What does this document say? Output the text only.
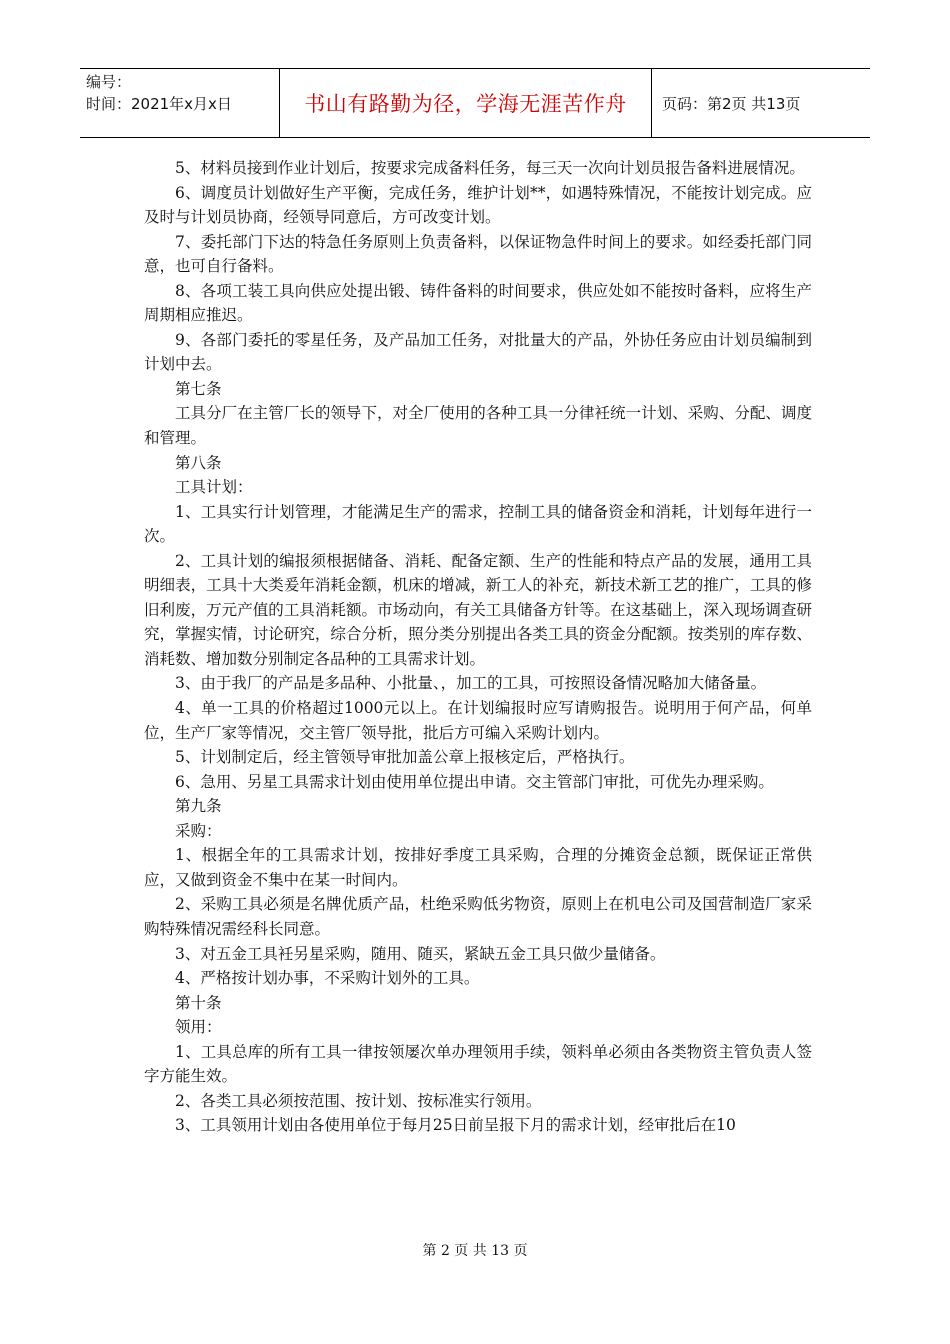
编号：
时间：2021年x月x日	书山有路勤为径，学海无涯苦作舟	页码：第2页 共13页

5、材料员接到作业计划后，按要求完成备料任务，每三天一次向计划员报告备料进展情况。

6、调度员计划做好生产平衡，完成任务，维护计划**，如遇特殊情况，不能按计划完成。应及时与计划员协商，经领导同意后，方可改变计划。

7、委托部门下达的特急任务原则上负责备料，以保证物急件时间上的要求。如经委托部门同意，也可自行备料。

8、各项工装工具向供应处提出锻、铸件备料的时间要求，供应处如不能按时备料，应将生产周期相应推迟。

9、各部门委托的零星任务，及产品加工任务，对批量大的产品，外协任务应由计划员编制到计划中去。

第七条

工具分厂在主管厂长的领导下，对全厂使用的各种工具一分律衽统一计划、采购、分配、调度和管理。

第八条

工具计划：

1、工具实行计划管理，才能满足生产的需求，控制工具的储备资金和消耗，计划每年进行一次。

2、工具计划的编报须根据储备、消耗、配备定额、生产的性能和特点产品的发展，通用工具明细表，工具十大类爰年消耗金额，机床的增减，新工人的补充，新技术新工艺的推广，工具的修旧利废，万元产值的工具消耗额。市场动向，有关工具储备方针等。在这基础上，深入现场调查研究，掌握实情，讨论研究，综合分析，照分类分别提出各类工具的资金分配额。按类别的库存数、消耗数、增加数分别制定各品种的工具需求计划。

3、由于我厂的产品是多品种、小批量、，加工的工具，可按照设备情况略加大储备量。

4、单一工具的价格超过1000元以上。在计划编报时应写请购报告。说明用于何产品，何单位，生产厂家等情况，交主管厂领导批，批后方可编入采购计划内。

5、计划制定后，经主管领导审批加盖公章上报核定后，严格执行。

6、急用、另星工具需求计划由使用单位提出申请。交主管部门审批，可优先办理采购。

第九条

采购：

1、根据全年的工具需求计划，按排好季度工具采购，合理的分摊资金总额，既保证正常供应，又做到资金不集中在某一时间内。

2、采购工具必须是名牌优质产品，杜绝采购低劣物资，原则上在机电公司及国营制造厂家采购特殊情况需经科长同意。

3、对五金工具衽另星采购，随用、随买，紧缺五金工具只做少量储备。

4、严格按计划办事，不采购计划外的工具。

第十条

领用：

1、工具总库的所有工具一律按领屡次单办理领用手续，领料单必须由各类物资主管负责人签字方能生效。

2、各类工具必须按范围、按计划、按标准实行领用。

3、工具领用计划由各使用单位于每月25日前呈报下月的需求计划，经审批后在10

第 2 页 共 13 页
